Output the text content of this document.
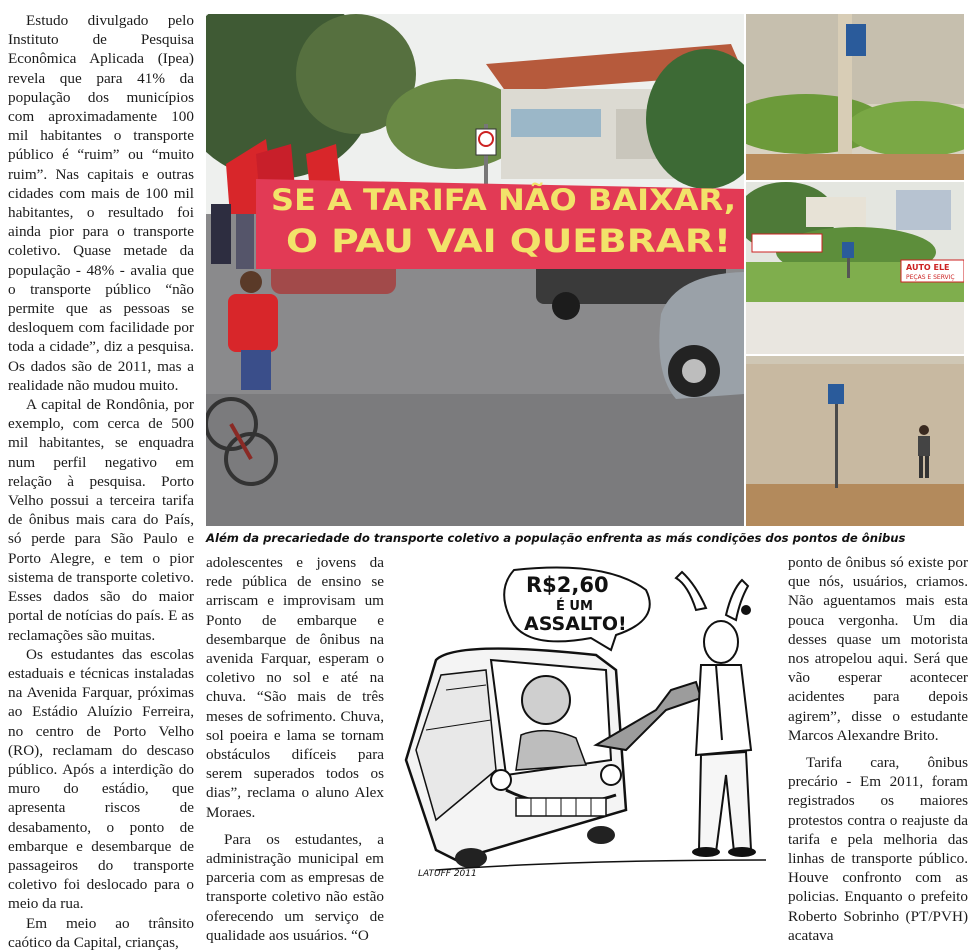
Estudo divulgado pelo Instituto de Pesquisa Econômica Aplicada (Ipea) revela que para 41% da população dos municípios com aproximadamente 100 mil habitantes o transporte público é “ruim” ou “muito ruim”. Nas capitais e outras cidades com mais de 100 mil habitantes, o resultado foi ainda pior para o transporte coletivo. Quase metade da população - 48% - avalia que o transporte público “não permite que as pessoas se desloquem com facilidade por toda a cidade”, diz a pesquisa. Os dados são de 2011, mas a realidade não mudou muito.

A capital de Rondônia, por exemplo, com cerca de 500 mil habitantes, se enquadra num perfil negativo em relação à pesquisa. Porto Velho possui a terceira tarifa de ônibus mais cara do País, só perde para São Paulo e Porto Alegre, e tem o pior sistema de transporte coletivo. Esses dados são do maior portal de notícias do país. E as reclamações são muitas.

Os estudantes das escolas estaduais e técnicas instaladas na Avenida Farquar, próximas ao Estádio Aluízio Ferreira, no centro de Porto Velho (RO), reclamam do descaso público. Após a interdição do muro do estádio, que apresenta riscos de desabamento, o ponto de embarque e desembarque de passageiros do transporte coletivo foi deslocado para o meio da rua.

Em meio ao trânsito caótico da Capital, crianças,

SE A TARIFA NÃO BAIXAR,
O PAU VAI QUEBRAR!
AUTO ELE
PEÇAS E SERVIÇ
Além da precariedade do transporte coletivo a população enfrenta as más condições dos pontos de ônibus

adolescentes e jovens da rede pública de ensino se arriscam e improvisam um Ponto de embarque e desembarque de ônibus na avenida Farquar, esperam o coletivo no sol e até na chuva. “São mais de três meses de sofrimento. Chuva, sol poeira e lama se tornam obstáculos difíceis para serem superados todos os dias”, reclama o aluno Alex Moraes.

Para os estudantes, a administração municipal em parceria com as empresas de transporte coletivo não estão oferecendo um serviço de qualidade aos usuários. “O

R$2,60
É UM
ASSALTO!
LATUFF 2011

ponto de ônibus só existe por que nós, usuários, criamos. Não aguentamos mais esta pouca vergonha. Um dia desses quase um motorista nos atropelou aqui. Será que vão esperar acontecer acidentes para depois agirem”, disse o estudante Marcos Alexandre Brito.

Tarifa cara, ônibus precário - Em 2011, foram registrados os maiores protestos contra o reajuste da tarifa e pela melhoria das linhas de transporte público. Houve confronto com as policias. Enquanto o prefeito Roberto Sobrinho (PT/PVH) acatava
